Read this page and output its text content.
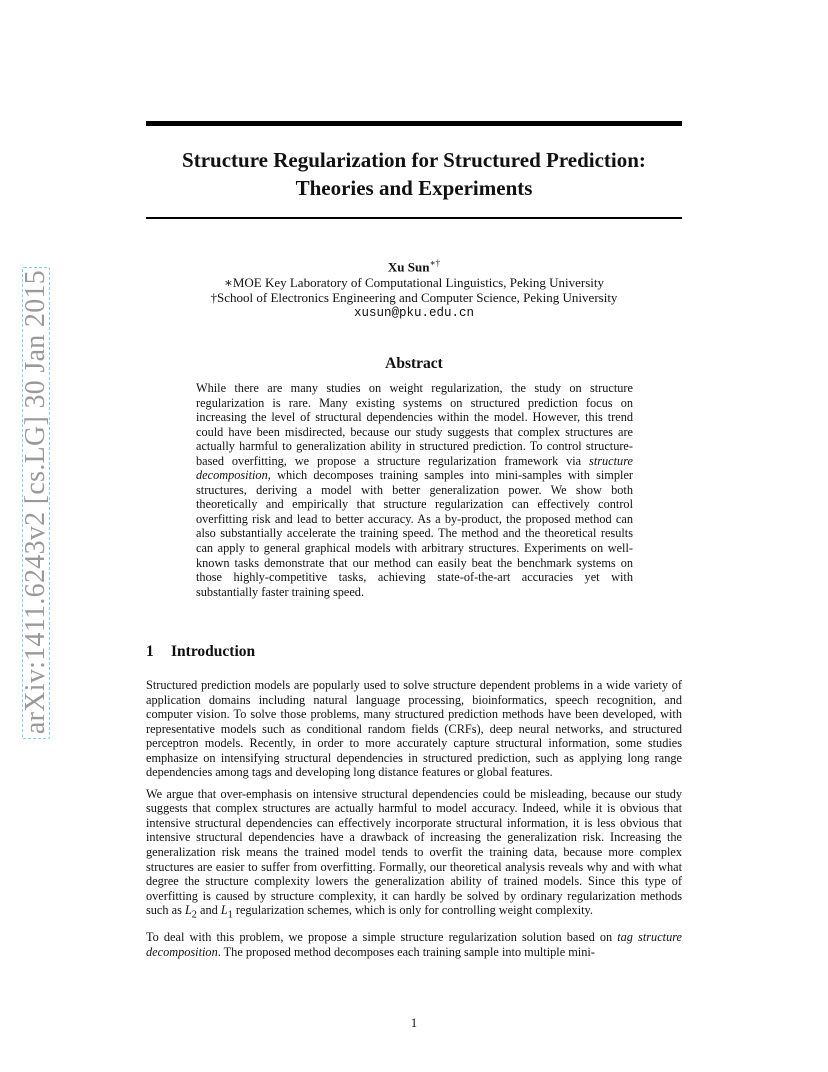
arXiv:1411.6243v2 [cs.LG] 30 Jan 2015
Structure Regularization for Structured Prediction:
Theories and Experiments
Xu Sun∗†
∗MOE Key Laboratory of Computational Linguistics, Peking University
†School of Electronics Engineering and Computer Science, Peking University
xusun@pku.edu.cn
Abstract
While there are many studies on weight regularization, the study on structure regularization is rare. Many existing systems on structured prediction focus on increasing the level of structural dependencies within the model. However, this trend could have been misdirected, because our study suggests that complex structures are actually harmful to generalization ability in structured prediction. To control structure-based overfitting, we propose a structure regularization framework via structure decomposition, which decomposes training samples into mini-samples with simpler structures, deriving a model with better generalization power. We show both theoretically and empirically that structure regularization can effectively control overfitting risk and lead to better accuracy. As a by-product, the proposed method can also substantially accelerate the training speed. The method and the theoretical results can apply to general graphical models with arbitrary structures. Experiments on well-known tasks demonstrate that our method can easily beat the benchmark systems on those highly-competitive tasks, achieving state-of-the-art accuracies yet with substantially faster training speed.
1 Introduction

Structured prediction models are popularly used to solve structure dependent problems in a wide variety of application domains including natural language processing, bioinformatics, speech recognition, and computer vision. To solve those problems, many structured prediction methods have been developed, with representative models such as conditional random fields (CRFs), deep neural networks, and structured perceptron models. Recently, in order to more accurately capture structural information, some studies emphasize on intensifying structural dependencies in structured prediction, such as applying long range dependencies among tags and developing long distance features or global features.

We argue that over-emphasis on intensive structural dependencies could be misleading, because our study suggests that complex structures are actually harmful to model accuracy. Indeed, while it is obvious that intensive structural dependencies can effectively incorporate structural information, it is less obvious that intensive structural dependencies have a drawback of increasing the generalization risk. Increasing the generalization risk means the trained model tends to overfit the training data, because more complex structures are easier to suffer from overfitting. Formally, our theoretical analysis reveals why and with what degree the structure complexity lowers the generalization ability of trained models. Since this type of overfitting is caused by structure complexity, it can hardly be solved by ordinary regularization methods such as $L_2$ and $L_1$ regularization schemes, which is only for controlling weight complexity.

To deal with this problem, we propose a simple structure regularization solution based on tag structure decomposition. The proposed method decomposes each training sample into multiple mini-

1
